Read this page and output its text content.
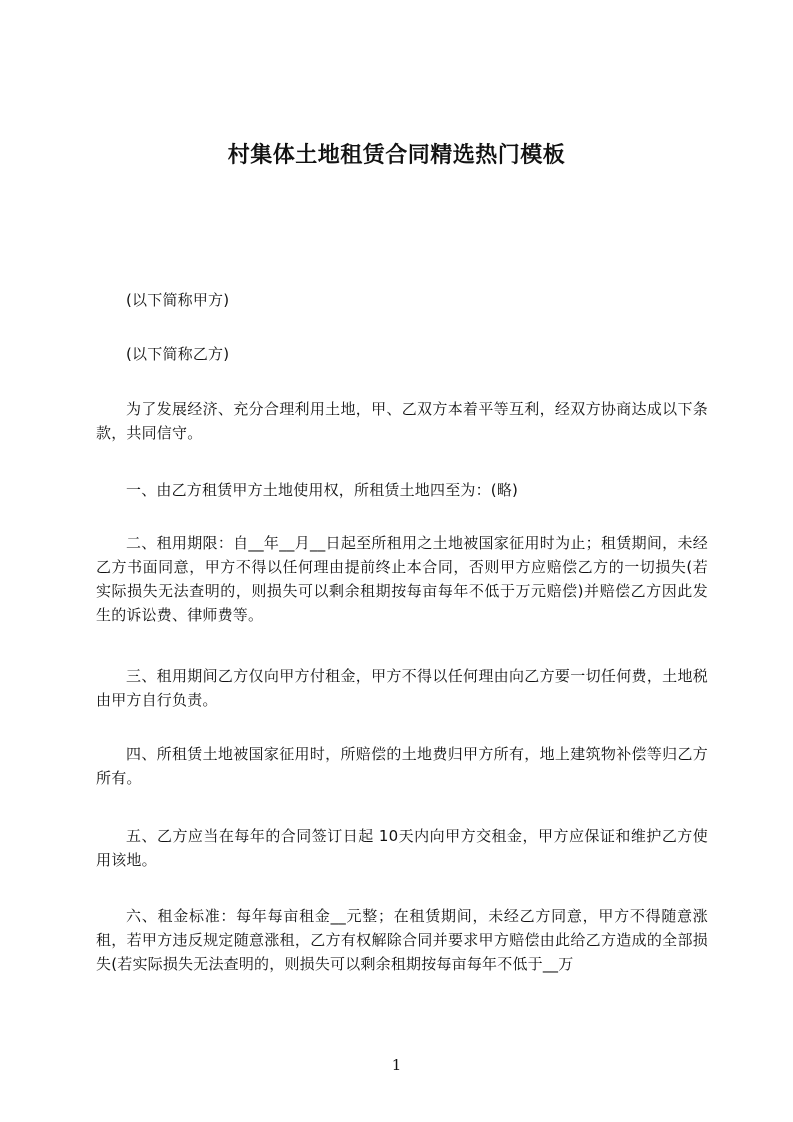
村集体土地租赁合同精选热门模板
(以下简称甲方)
(以下简称乙方)
为了发展经济、充分合理利用土地，甲、乙双方本着平等互利，经双方协商达成以下条款，共同信守。
一、由乙方租赁甲方土地使用权，所租赁土地四至为：(略)
二、租用期限：自__年__月__日起至所租用之土地被国家征用时为止；租赁期间，未经乙方书面同意，甲方不得以任何理由提前终止本合同，否则甲方应赔偿乙方的一切损失(若实际损失无法查明的，则损失可以剩余租期按每亩每年不低于万元赔偿)并赔偿乙方因此发生的诉讼费、律师费等。
三、租用期间乙方仅向甲方付租金，甲方不得以任何理由向乙方要一切任何费，土地税由甲方自行负责。
四、所租赁土地被国家征用时，所赔偿的土地费归甲方所有，地上建筑物补偿等归乙方所有。
五、乙方应当在每年的合同签订日起 10天内向甲方交租金，甲方应保证和维护乙方使用该地。
六、租金标准：每年每亩租金__元整；在租赁期间，未经乙方同意，甲方不得随意涨租，若甲方违反规定随意涨租，乙方有权解除合同并要求甲方赔偿由此给乙方造成的全部损失(若实际损失无法查明的，则损失可以剩余租期按每亩每年不低于__万
1
